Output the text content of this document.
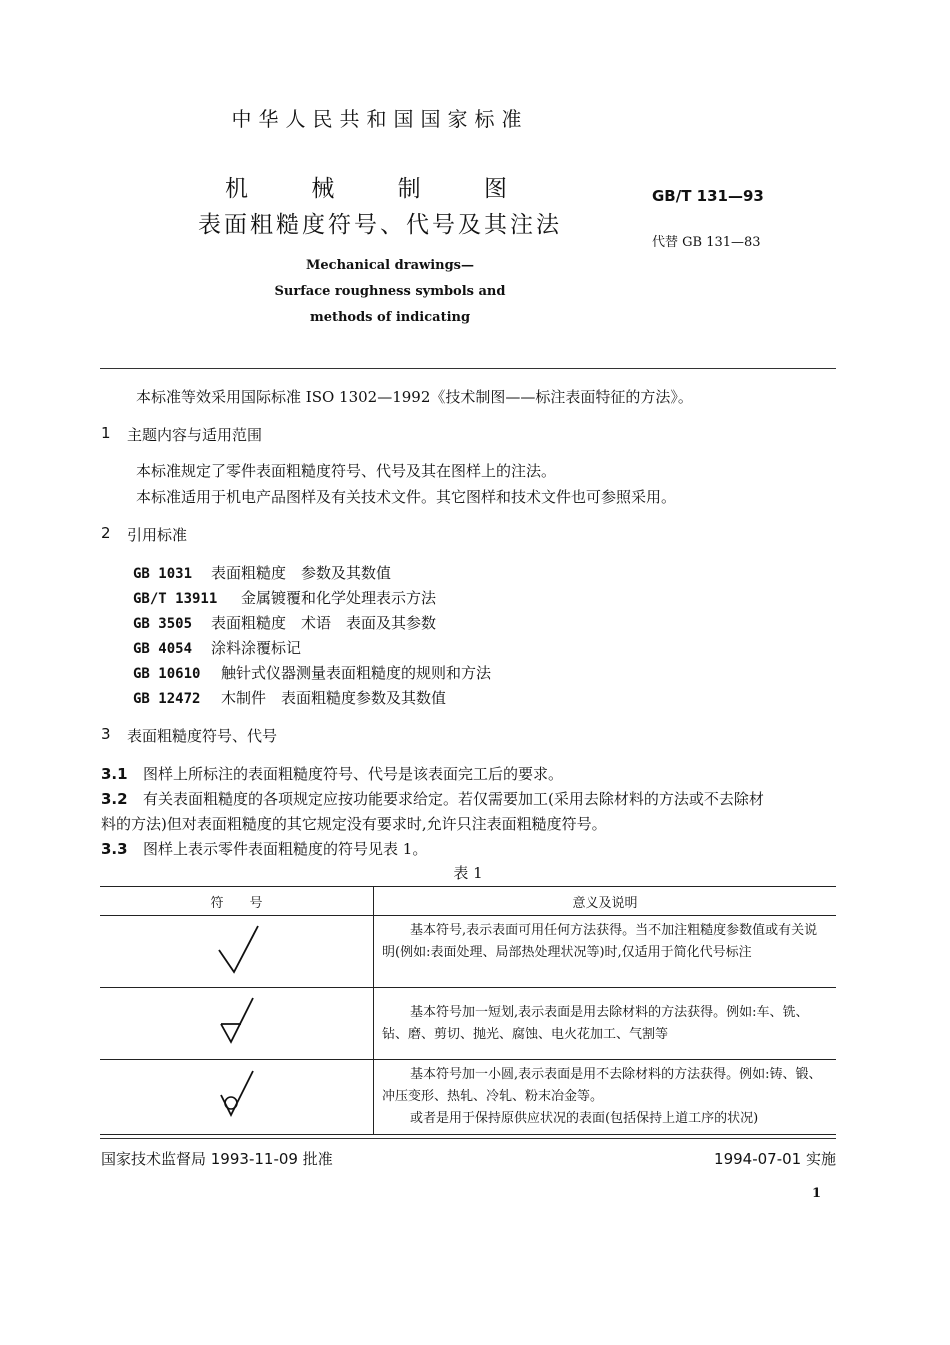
中华人民共和国国家标准
机 械 制 图
表面粗糙度符号、代号及其注法
GB/T 131—93
代替 GB 131—83
Mechanical drawings—
Surface roughness symbols and
methods of indicating
本标准等效采用国际标准 ISO 1302—1992《技术制图——标注表面特征的方法》。
1 主题内容与适用范围
本标准规定了零件表面粗糙度符号、代号及其在图样上的注法。
本标准适用于机电产品图样及有关技术文件。其它图样和技术文件也可参照采用。
2 引用标准
GB 1031 表面粗糙度　参数及其数值
GB/T 13911 金属镀覆和化学处理表示方法
GB 3505 表面粗糙度　术语　表面及其参数
GB 4054 涂料涂覆标记
GB 10610 触针式仪器测量表面粗糙度的规则和方法
GB 12472 木制件　表面粗糙度参数及其数值
3 表面粗糙度符号、代号
3.1 图样上所标注的表面粗糙度符号、代号是该表面完工后的要求。
3.2 有关表面粗糙度的各项规定应按功能要求给定。若仅需要加工(采用去除材料的方法或不去除材
料的方法)但对表面粗糙度的其它规定没有要求时,允许只注表面粗糙度符号。
3.3 图样上表示零件表面粗糙度的符号见表 1。
表 1
符　　号	意义及说明

基本符号,表示表面可用任何方法获得。当不加注粗糙度参数值或有关说明(例如:表面处理、局部热处理状况等)时,仅适用于简化代号标注

基本符号加一短划,表示表面是用去除材料的方法获得。例如:车、铣、钻、磨、剪切、抛光、腐蚀、电火花加工、气割等

基本符号加一小圆,表示表面是用不去除材料的方法获得。例如:铸、锻、冲压变形、热轧、冷轧、粉末冶金等。
或者是用于保持原供应状况的表面(包括保持上道工序的状况)
国家技术监督局 1993-11-09 批准	1994-07-01 实施
1
